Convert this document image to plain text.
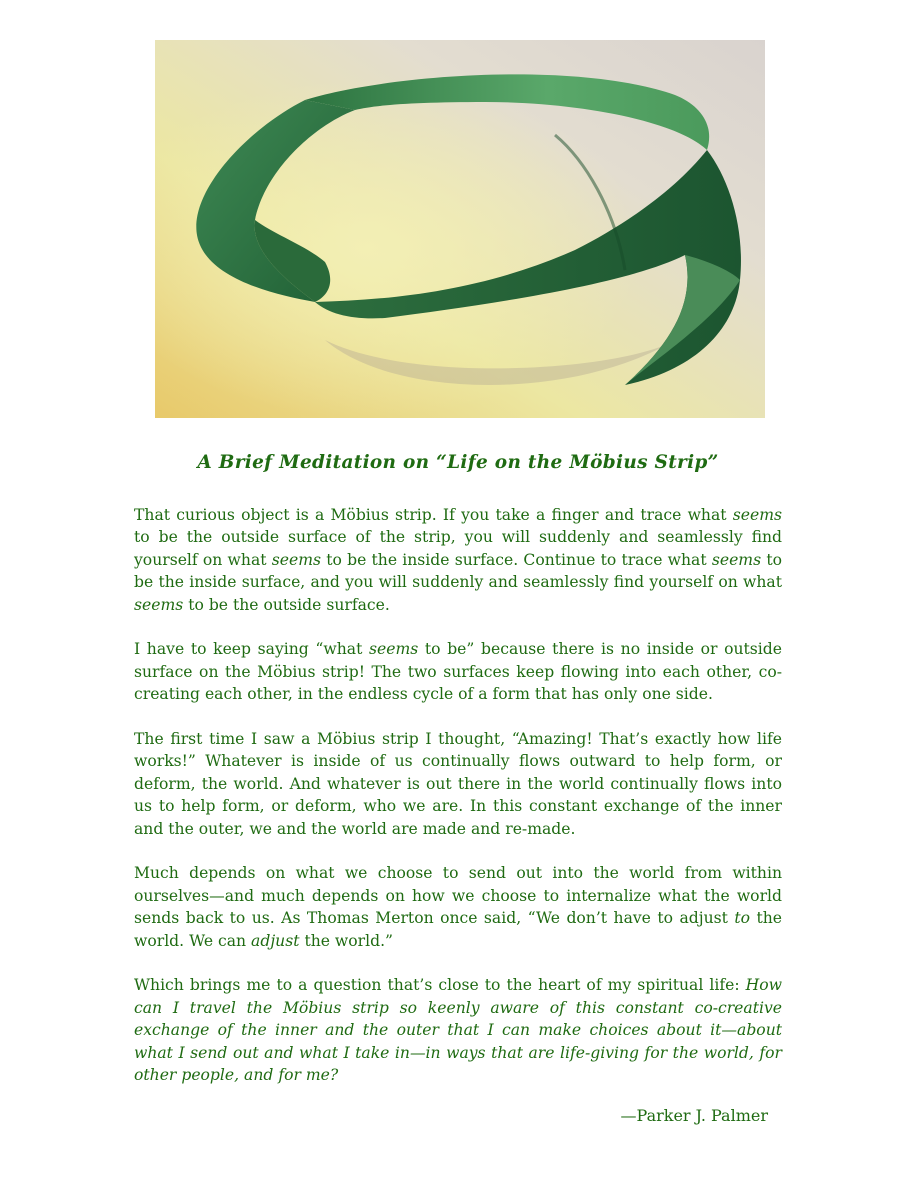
A Brief Meditation on “Life on the Möbius Strip”

That curious object is a Möbius strip. If you take a finger and trace what seems to be the outside surface of the strip, you will suddenly and seamlessly find yourself on what seems to be the inside surface. Continue to trace what seems to be the inside surface, and you will suddenly and seamlessly find yourself on what seems to be the outside surface.

I have to keep saying “what seems to be” because there is no inside or outside surface on the Möbius strip! The two surfaces keep flowing into each other, co-creating each other, in the endless cycle of a form that has only one side.

The first time I saw a Möbius strip I thought, “Amazing! That’s exactly how life works!” Whatever is inside of us continually flows outward to help form, or deform, the world. And whatever is out there in the world continually flows into us to help form, or deform, who we are. In this constant exchange of the inner and the outer, we and the world are made and re-made.

Much depends on what we choose to send out into the world from within ourselves—and much depends on how we choose to internalize what the world sends back to us. As Thomas Merton once said, “We don’t have to adjust to the world. We can adjust the world.”

Which brings me to a question that’s close to the heart of my spiritual life: How can I travel the Möbius strip so keenly aware of this constant co-creative exchange of the inner and the outer that I can make choices about it—about what I send out and what I take in—in ways that are life-giving for the world, for other people, and for me?

—Parker J. Palmer
